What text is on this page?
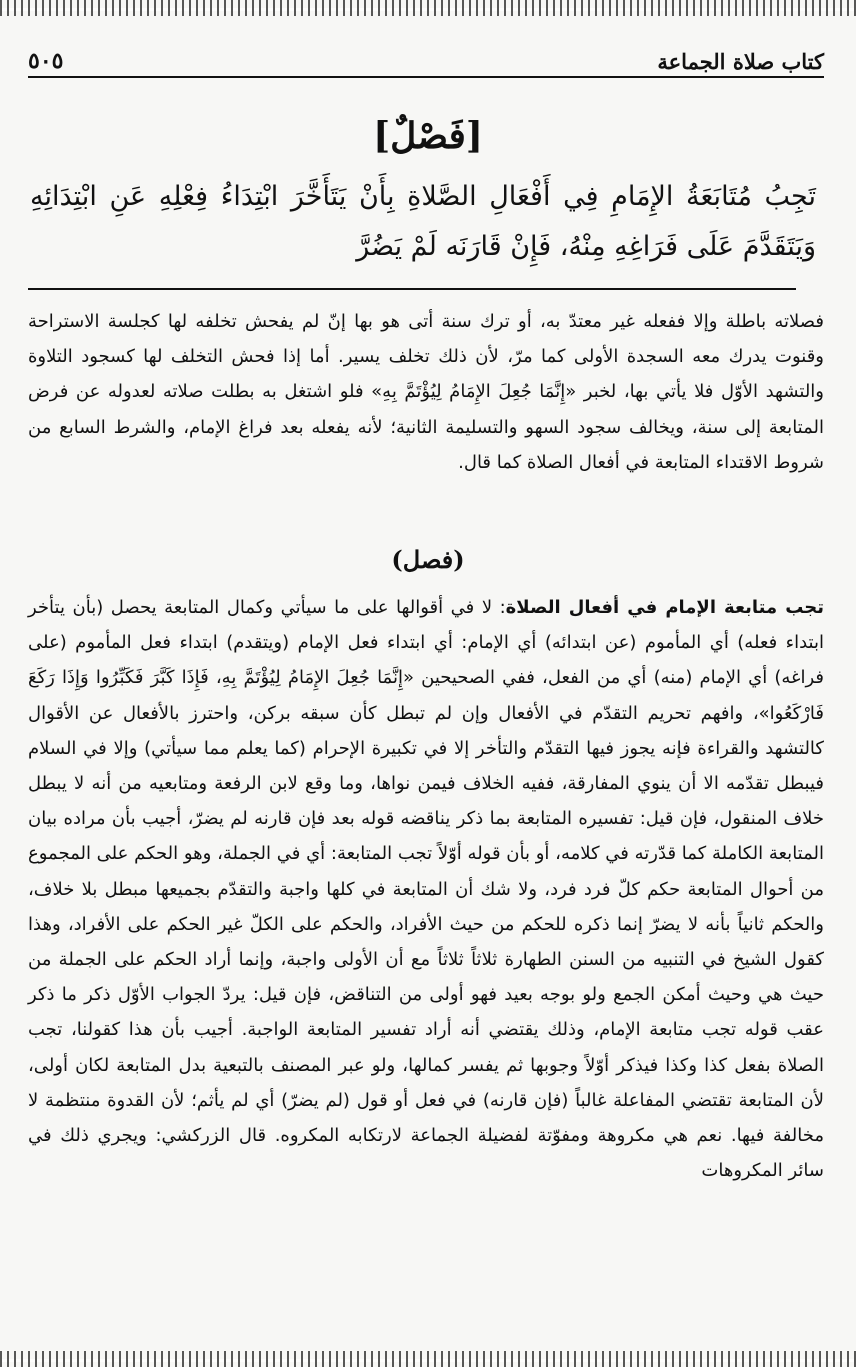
كتاب صلاة الجماعة
٥٠٥
[فَصْلٌ]
تَجِبُ مُتَابَعَةُ الإِمَامِ فِي أَفْعَالِ الصَّلاةِ بِأَنْ يَتَأَخَّرَ ابْتِدَاءُ فِعْلِهِ عَنِ ابْتِدَائِهِ وَيَتَقَدَّمَ عَلَى فَرَاغِهِ مِنْهُ، فَإِنْ قَارَنَه لَمْ يَضُرَّ
فصلاته باطلة وإلا ففعله غير معتدّ به، أو ترك سنة أتى هو بها إنّ لم يفحش تخلفه لها كجلسة الاستراحة وقنوت يدرك معه السجدة الأولى كما مرّ، لأن ذلك تخلف يسير. أما إذا فحش التخلف لها كسجود التلاوة والتشهد الأوّل فلا يأتي بها، لخبر «إِنَّمَا جُعِلَ الإِمَامُ لِيُؤْتَمَّ بِهِ» فلو اشتغل به بطلت صلاته لعدوله عن فرض المتابعة إلى سنة، ويخالف سجود السهو والتسليمة الثانية؛ لأنه يفعله بعد فراغ الإمام، والشرط السابع من شروط الاقتداء المتابعة في أفعال الصلاة كما قال.
(فصل)
تجب متابعة الإمام في أفعال الصلاة: لا في أقوالها على ما سيأتي وكمال المتابعة يحصل (بأن يتأخر ابتداء فعله) أي المأموم (عن ابتدائه) أي الإمام: أي ابتداء فعل الإمام (ويتقدم) ابتداء فعل المأموم (على فراغه) أي الإمام (منه) أي من الفعل، ففي الصحيحين «إِنَّمَا جُعِلَ الإِمَامُ لِيُؤْتَمَّ بِهِ، فَإِذَا كَبَّرَ فَكَبِّرُوا وَإِذَا رَكَعَ فَارْكَعُوا»، وافهم تحريم التقدّم في الأفعال وإن لم تبطل كأن سبقه بركن، واحترز بالأفعال عن الأقوال كالتشهد والقراءة فإنه يجوز فيها التقدّم والتأخر إلا في تكبيرة الإحرام (كما يعلم مما سيأتي) وإلا في السلام فيبطل تقدّمه الا أن ينوي المفارقة، ففيه الخلاف فيمن نواها، وما وقع لابن الرفعة ومتابعيه من أنه لا يبطل خلاف المنقول، فإن قيل: تفسيره المتابعة بما ذكر يناقضه قوله بعد فإن قارنه لم يضرّ، أجيب بأن مراده بيان المتابعة الكاملة كما قدّرته في كلامه، أو بأن قوله أوّلاً تجب المتابعة: أي في الجملة، وهو الحكم على المجموع من أحوال المتابعة حكم كلّ فرد فرد، ولا شك أن المتابعة في كلها واجبة والتقدّم بجميعها مبطل بلا خلاف، والحكم ثانياً بأنه لا يضرّ إنما ذكره للحكم من حيث الأفراد، والحكم على الكلّ غير الحكم على الأفراد، وهذا كقول الشيخ في التنبيه من السنن الطهارة ثلاثاً ثلاثاً مع أن الأولى واجبة، وإنما أراد الحكم على الجملة من حيث هي وحيث أمكن الجمع ولو بوجه بعيد فهو أولى من التناقض، فإن قيل: يردّ الجواب الأوّل ذكر ما ذكر عقب قوله تجب متابعة الإمام، وذلك يقتضي أنه أراد تفسير المتابعة الواجبة. أجيب بأن هذا كقولنا، تجب الصلاة بفعل كذا وكذا فيذكر أوّلاً وجوبها ثم يفسر كمالها، ولو عبر المصنف بالتبعية بدل المتابعة لكان أولى، لأن المتابعة تقتضي المفاعلة غالباً (فإن قارنه) في فعل أو قول (لم يضرّ) أي لم يأثم؛ لأن القدوة منتظمة لا مخالفة فيها. نعم هي مكروهة ومفوّتة لفضيلة الجماعة لارتكابه المكروه. قال الزركشي: ويجري ذلك في سائر المكروهات
